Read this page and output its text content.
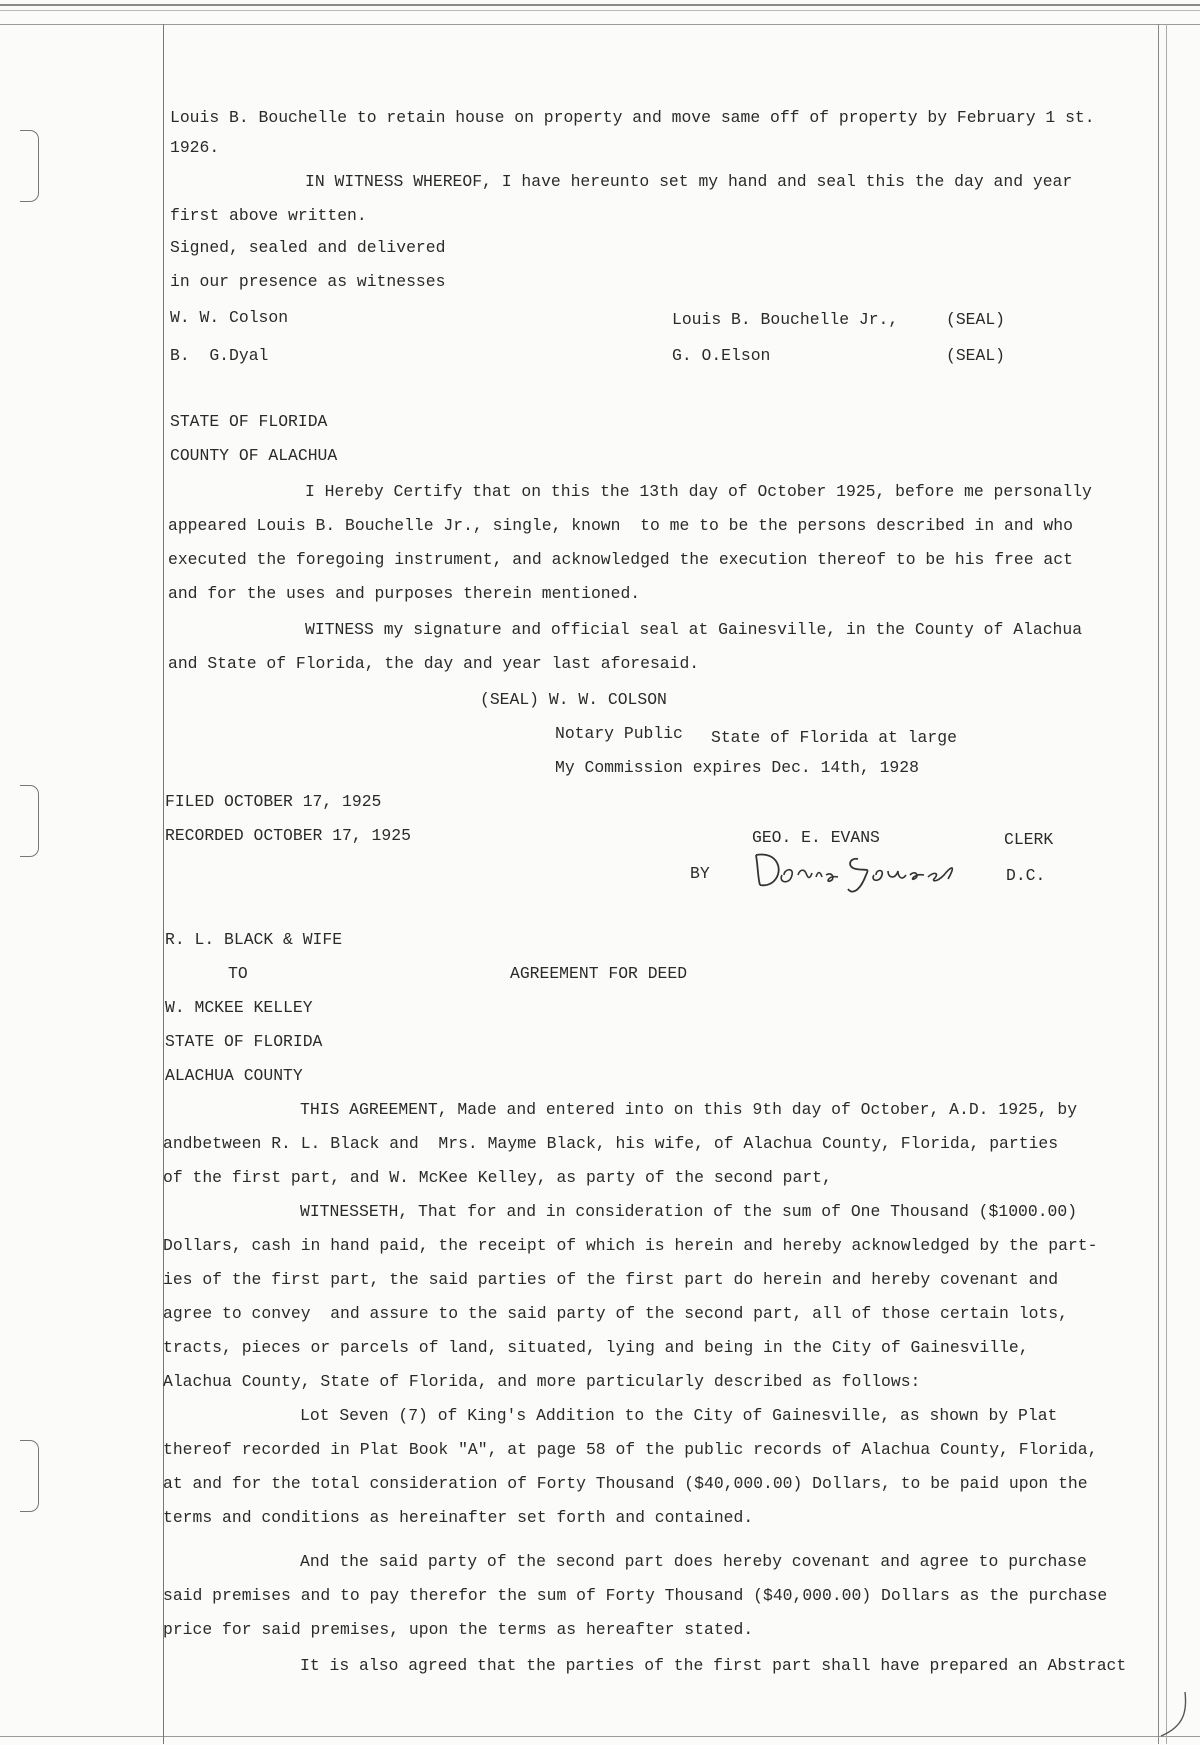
Louis B. Bouchelle to retain house on property and move same off of property by February 1 st.
1926.
IN WITNESS WHEREOF, I have hereunto set my hand and seal this the day and year
first above written.
Signed, sealed and delivered
in our presence as witnesses
W. W. Colson	Louis B. Bouchelle Jr.,	(SEAL)
B.  G.Dyal	G. O.Elson	(SEAL)
STATE OF FLORIDA
COUNTY OF ALACHUA
I Hereby Certify that on this the 13th day of October 1925, before me personally
appeared Louis B. Bouchelle Jr., single, known  to me to be the persons described in and who
executed the foregoing instrument, and acknowledged the execution thereof to be his free act
and for the uses and purposes therein mentioned.
WITNESS my signature and official seal at Gainesville, in the County of Alachua
and State of Florida, the day and year last aforesaid.
(SEAL) W. W. COLSON
Notary Public State of Florida at large
My Commission expires Dec. 14th, 1928
FILED OCTOBER 17, 1925
RECORDED OCTOBER 17, 1925	GEO. E. EVANS	CLERK
BY	D.C.
R. L. BLACK & WIFE
TO	AGREEMENT FOR DEED
W. MCKEE KELLEY
STATE OF FLORIDA
ALACHUA COUNTY
THIS AGREEMENT, Made and entered into on this 9th day of October, A.D. 1925, by
andbetween R. L. Black and  Mrs. Mayme Black, his wife, of Alachua County, Florida, parties
of the first part, and W. McKee Kelley, as party of the second part,
WITNESSETH, That for and in consideration of the sum of One Thousand ($1000.00)
Dollars, cash in hand paid, the receipt of which is herein and hereby acknowledged by the part-
ies of the first part, the said parties of the first part do herein and hereby covenant and
agree to convey  and assure to the said party of the second part, all of those certain lots,
tracts, pieces or parcels of land, situated, lying and being in the City of Gainesville,
Alachua County, State of Florida, and more particularly described as follows:
Lot Seven (7) of King's Addition to the City of Gainesville, as shown by Plat
thereof recorded in Plat Book "A", at page 58 of the public records of Alachua County, Florida,
at and for the total consideration of Forty Thousand ($40,000.00) Dollars, to be paid upon the
terms and conditions as hereinafter set forth and contained.
And the said party of the second part does hereby covenant and agree to purchase
said premises and to pay therefor the sum of Forty Thousand ($40,000.00) Dollars as the purchase
price for said premises, upon the terms as hereafter stated.
It is also agreed that the parties of the first part shall have prepared an Abstract
